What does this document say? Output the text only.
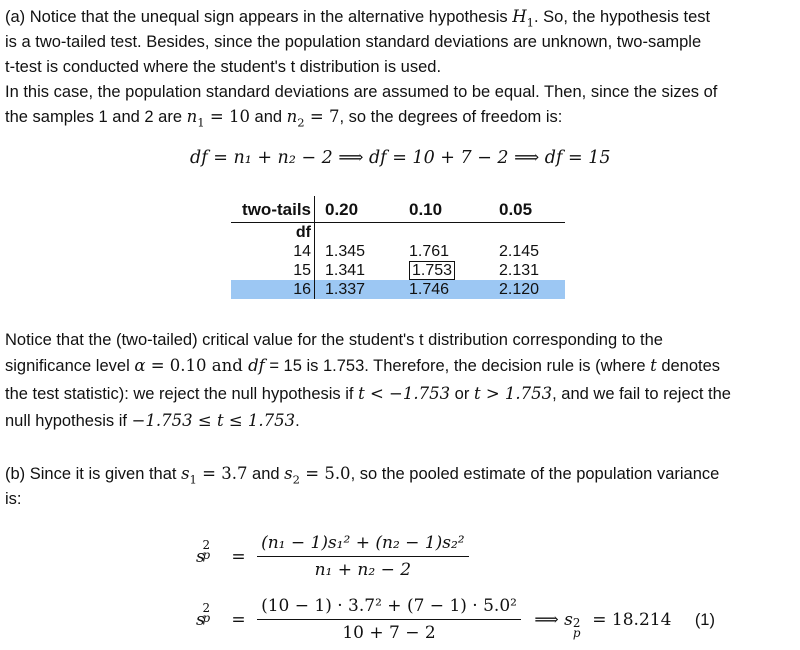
(a) Notice that the unequal sign appears in the alternative hypothesis $H_1$. So, the hypothesis test
is a two-tailed test. Besides, since the population standard deviations are unknown, two-sample
t-test is conducted where the student's t distribution is used.
In this case, the population standard deviations are assumed to be equal. Then, since the sizes of
the samples 1 and 2 are $n_1 = 10$ and $n_2 = 7$, so the degrees of freedom is:
df = n₁ + n₂ − 2 ⟹ df = 10 + 7 − 2 ⟹ df = 15
two-tails	0.20	0.10	0.05
df			
14	1.345	1.761	2.145
15	1.341	1.753	2.131
16	1.337	1.746	2.120
Notice that the (two-tailed) critical value for the student's t distribution corresponding to the
significance level α = 0.10 and df = 15 is 1.753. Therefore, the decision rule is (where t denotes
the test statistic): we reject the null hypothesis if t < −1.753 or t > 1.753, and we fail to reject the
null hypothesis if −1.753 ≤ t ≤ 1.753.
(b) Since it is given that $s_1 = 3.7$ and $s_2 = 5.0$, so the pooled estimate of the population variance
is:
s
2
$p = \frac{\text{(n₁ − 1)s₁² + (n₂ − 1)s₂²}}{\text{n₁ + n₂ − 2}}$
s
2
$p = \frac{\text{(10 − 1) · 3.7² + (7 − 1) · 5.0²}}{10 + 7 - 2}$ ⟹ s 2
p
= 18.214 (1)
